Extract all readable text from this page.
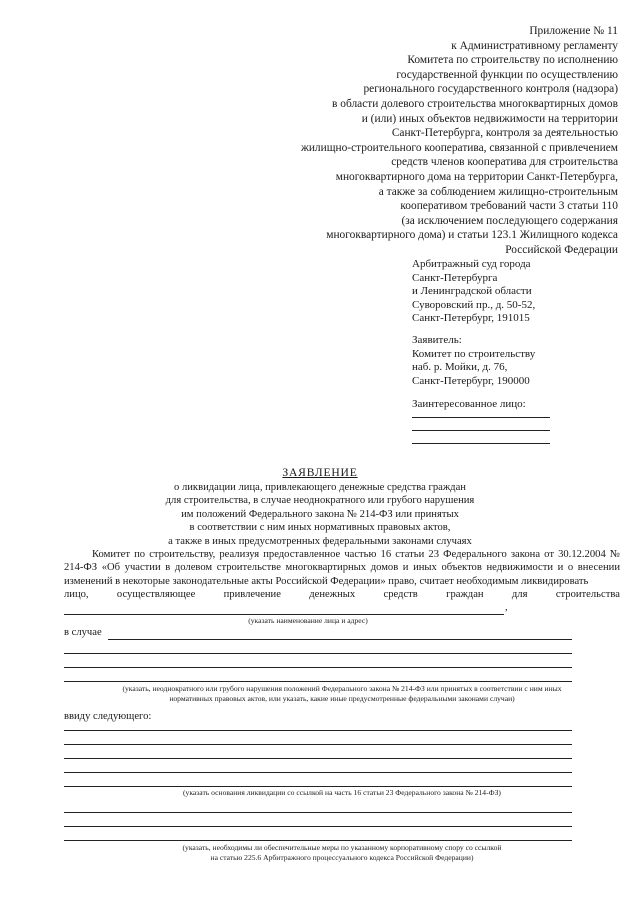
Приложение № 11
к Административному регламенту
Комитета по строительству по исполнению
государственной функции по осуществлению
регионального государственного контроля (надзора)
в области долевого строительства многоквартирных домов
и (или) иных объектов недвижимости на территории
Санкт-Петербурга, контроля за деятельностью
жилищно-строительного кооператива, связанной с привлечением
средств членов кооператива для строительства
многоквартирного дома на территории Санкт-Петербурга,
а также за соблюдением жилищно-строительным
кооперативом требований части 3 статьи 110
(за исключением последующего содержания
многоквартирного дома) и статьи 123.1 Жилищного кодекса
Российской Федерации
Арбитражный суд города
Санкт-Петербурга
и Ленинградской области
Суворовский пр., д. 50-52,
Санкт-Петербург, 191015
Заявитель:
Комитет по строительству
наб. р. Мойки, д. 76,
Санкт-Петербург, 190000
Заинтересованное лицо:
ЗАЯВЛЕНИЕ
о ликвидации лица, привлекающего денежные средства граждан
для строительства, в случае неоднократного или грубого нарушения
им положений Федерального закона № 214-ФЗ или принятых
в соответствии с ним иных нормативных правовых актов,
а также в иных предусмотренных федеральными законами случаях
Комитет по строительству, реализуя предоставленное частью 16 статьи 23 Федерального закона от 30.12.2004 № 214-ФЗ «Об участии в долевом строительстве многоквартирных домов и иных объектов недвижимости и о внесении изменений в некоторые законодательные акты Российской Федерации» право, считает необходимым ликвидировать
лицо,	осуществляющее	привлечение	денежных	средств	граждан	для	строительства
,
(указать наименование лица и адрес)
в случае
(указать, неоднократного или грубого нарушения положений Федерального закона № 214-ФЗ или принятых в соответствии с ним иных
нормативных правовых актов, или указать, какие иные предусмотренные федеральными законами случаи)
ввиду следующего:
(указать основания ликвидации со ссылкой на часть 16 статьи 23 Федерального закона № 214-ФЗ)
(указать, необходимы ли обеспечительные меры по указанному корпоративному спору со ссылкой
на статью 225.6 Арбитражного процессуального кодекса Российской Федерации)
